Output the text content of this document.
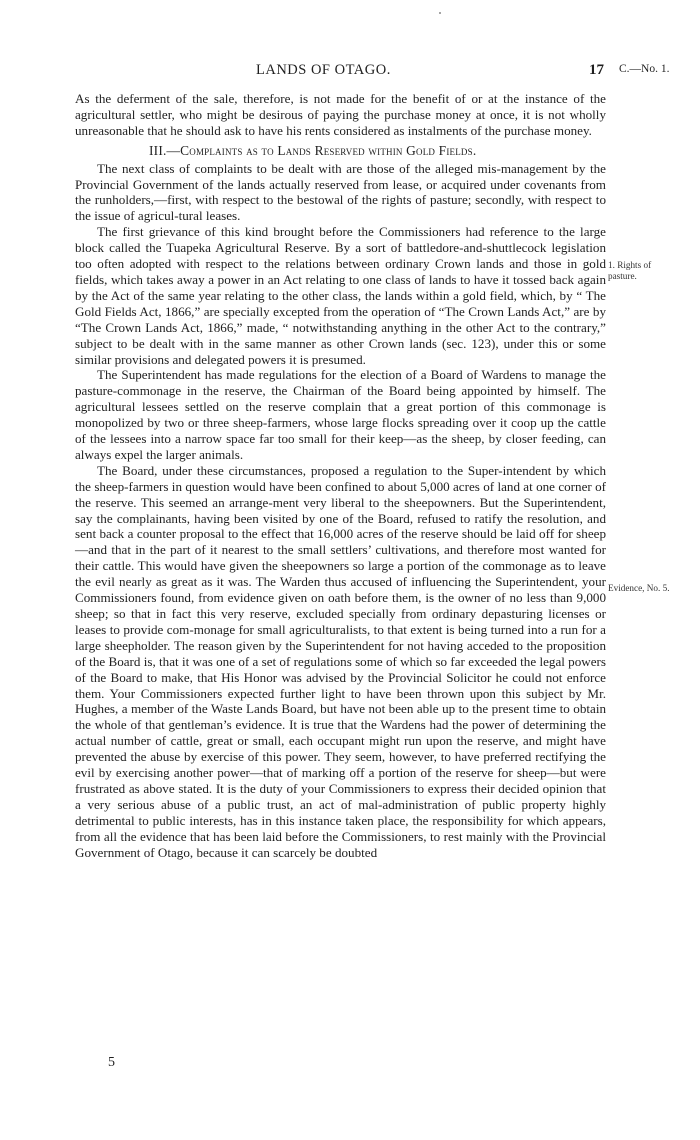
LANDS OF OTAGO.	17 C.—No. 1.

As the deferment of the sale, therefore, is not made for the benefit of or at the instance of the agricultural settler, who might be desirous of paying the purchase money at once, it is not wholly unreasonable that he should ask to have his rents considered as instalments of the purchase money.

III.—Complaints as to Lands Reserved within Gold Fields.

The next class of complaints to be dealt with are those of the alleged mis-management by the Provincial Government of the lands actually reserved from lease, or acquired under covenants from the runholders,—first, with respect to the bestowal of the rights of pasture; secondly, with respect to the issue of agricul-tural leases.

The first grievance of this kind brought before the Commissioners had reference to the large block called the Tuapeka Agricultural Reserve. By a sort of battledore-and-shuttlecock legislation too often adopted with respect to the relations between ordinary Crown lands and those in gold fields, which takes away a power in an Act relating to one class of lands to have it tossed back again by the Act of the same year relating to the other class, the lands within a gold field, which, by “ The Gold Fields Act, 1866,” are specially excepted from the operation of “The Crown Lands Act,” are by “The Crown Lands Act, 1866,” made, “ notwithstanding anything in the other Act to the contrary,” subject to be dealt with in the same manner as other Crown lands (sec. 123), under this or some similar provisions and delegated powers it is presumed.

The Superintendent has made regulations for the election of a Board of Wardens to manage the pasture-commonage in the reserve, the Chairman of the Board being appointed by himself. The agricultural lessees settled on the reserve complain that a great portion of this commonage is monopolized by two or three sheep-farmers, whose large flocks spreading over it coop up the cattle of the lessees into a narrow space far too small for their keep—as the sheep, by closer feeding, can always expel the larger animals.

The Board, under these circumstances, proposed a regulation to the Super-intendent by which the sheep-farmers in question would have been confined to about 5,000 acres of land at one corner of the reserve. This seemed an arrange-ment very liberal to the sheepowners. But the Superintendent, say the complainants, having been visited by one of the Board, refused to ratify the resolution, and sent back a counter proposal to the effect that 16,000 acres of the reserve should be laid off for sheep—and that in the part of it nearest to the small settlers’ cultivations, and therefore most wanted for their cattle. This would have given the sheepowners so large a portion of the commonage as to leave the evil nearly as great as it was. The Warden thus accused of influencing the Superintendent, your Commissioners found, from evidence given on oath before them, is the owner of no less than 9,000 sheep; so that in fact this very reserve, excluded specially from ordinary depasturing licenses or leases to provide com-monage for small agriculturalists, to that extent is being turned into a run for a large sheepholder. The reason given by the Superintendent for not having acceded to the proposition of the Board is, that it was one of a set of regulations some of which so far exceeded the legal powers of the Board to make, that His Honor was advised by the Provincial Solicitor he could not enforce them. Your Commissioners expected further light to have been thrown upon this subject by Mr. Hughes, a member of the Waste Lands Board, but have not been able up to the present time to obtain the whole of that gentleman’s evidence. It is true that the Wardens had the power of determining the actual number of cattle, great or small, each occupant might run upon the reserve, and might have prevented the abuse by exercise of this power. They seem, however, to have preferred rectifying the evil by exercising another power—that of marking off a portion of the reserve for sheep—but were frustrated as above stated. It is the duty of your Commissioners to express their decided opinion that a very serious abuse of a public trust, an act of mal-administration of public property highly detrimental to public interests, has in this instance taken place, the responsibility for which appears, from all the evidence that has been laid before the Commissioners, to rest mainly with the Provincial Government of Otago, because it can scarcely be doubted

1. Rights of
pasture.
Evidence, No. 5.
5
